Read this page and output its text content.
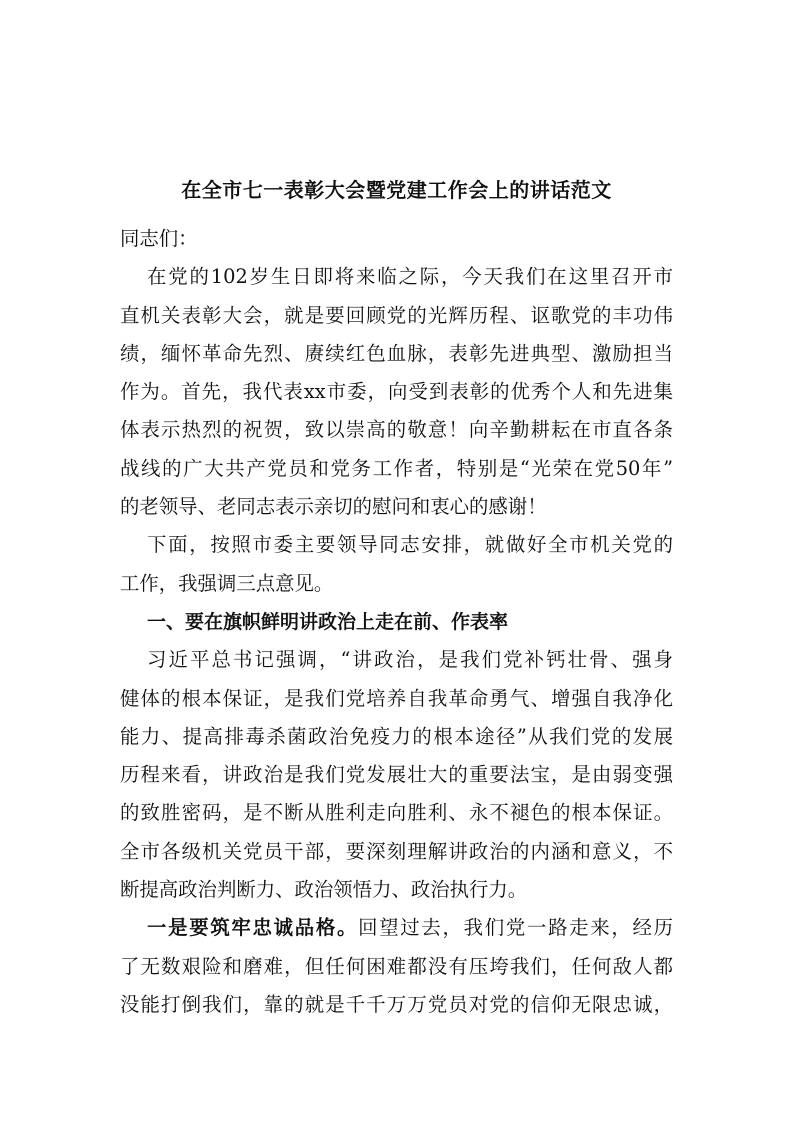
在全市七一表彰大会暨党建工作会上的讲话范文
同志们：
在党的102岁生日即将来临之际，今天我们在这里召开市
直机关表彰大会，就是要回顾党的光辉历程、讴歌党的丰功伟
绩，缅怀革命先烈、赓续红色血脉，表彰先进典型、激励担当
作为。首先，我代表xx市委，向受到表彰的优秀个人和先进集
体表示热烈的祝贺，致以崇高的敬意！向辛勤耕耘在市直各条
战线的广大共产党员和党务工作者，特别是“光荣在党50年”
的老领导、老同志表示亲切的慰问和衷心的感谢！
下面，按照市委主要领导同志安排，就做好全市机关党的
工作，我强调三点意见。
一、要在旗帜鲜明讲政治上走在前、作表率
习近平总书记强调，“讲政治，是我们党补钙壮骨、强身
健体的根本保证，是我们党培养自我革命勇气、增强自我净化
能力、提高排毒杀菌政治免疫力的根本途径”从我们党的发展
历程来看，讲政治是我们党发展壮大的重要法宝，是由弱变强
的致胜密码，是不断从胜利走向胜利、永不褪色的根本保证。
全市各级机关党员干部，要深刻理解讲政治的内涵和意义，不
断提高政治判断力、政治领悟力、政治执行力。
一是要筑牢忠诚品格。回望过去，我们党一路走来，经历
了无数艰险和磨难，但任何困难都没有压垮我们，任何敌人都
没能打倒我们，靠的就是千千万万党员对党的信仰无限忠诚，
